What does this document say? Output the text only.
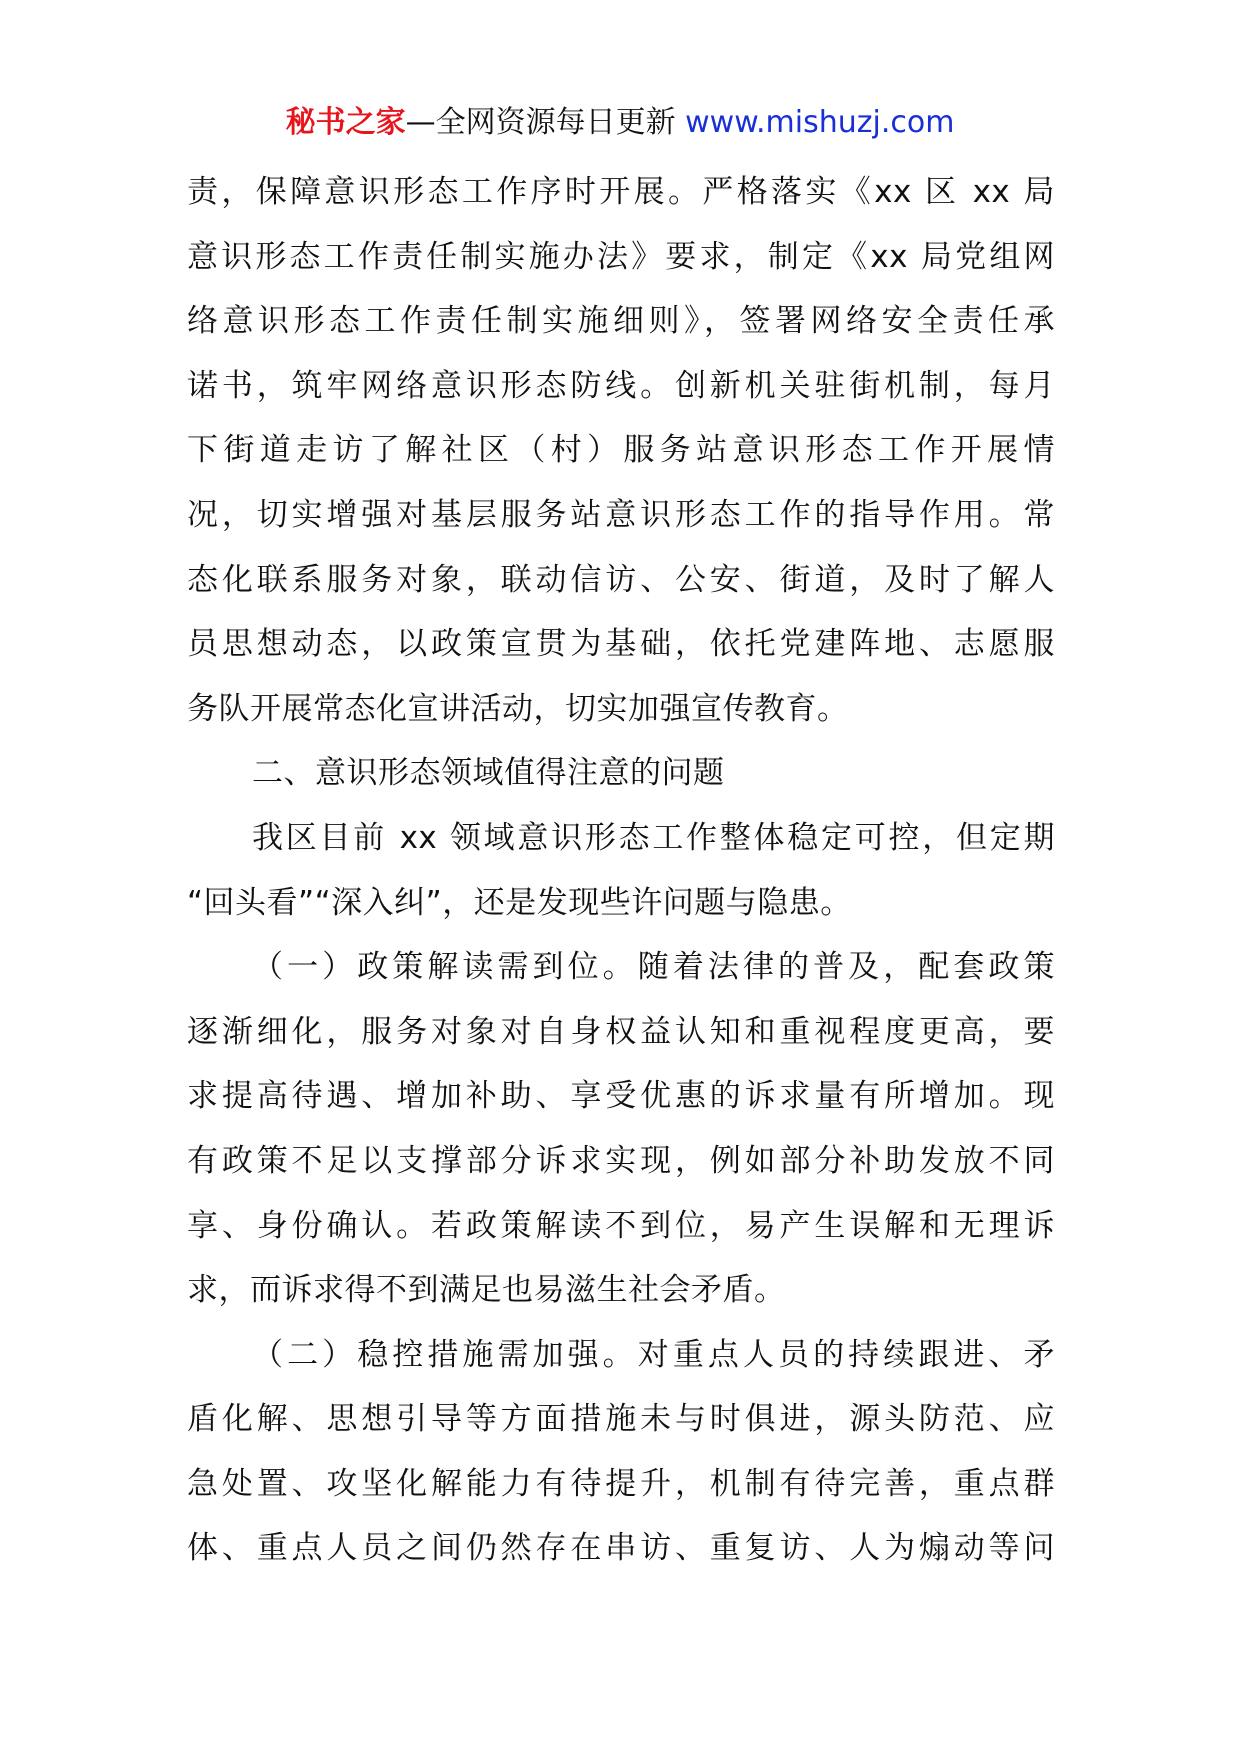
秘书之家—全网资源每日更新 www.mishuzj.com
责，保障意识形态工作序时开展。严格落实《xx 区 xx 局
意识形态工作责任制实施办法》要求，制定《xx 局党组网
络意识形态工作责任制实施细则》，签署网络安全责任承
诺书，筑牢网络意识形态防线。创新机关驻街机制，每月
下街道走访了解社区（村）服务站意识形态工作开展情
况，切实增强对基层服务站意识形态工作的指导作用。常
态化联系服务对象，联动信访、公安、街道，及时了解人
员思想动态，以政策宣贯为基础，依托党建阵地、志愿服
务队开展常态化宣讲活动，切实加强宣传教育。
二、意识形态领域值得注意的问题
我区目前 xx 领域意识形态工作整体稳定可控，但定期
“回头看”“深入纠”，还是发现些许问题与隐患。
（一）政策解读需到位。随着法律的普及，配套政策
逐渐细化，服务对象对自身权益认知和重视程度更高，要
求提高待遇、增加补助、享受优惠的诉求量有所增加。现
有政策不足以支撑部分诉求实现，例如部分补助发放不同
享、身份确认。若政策解读不到位，易产生误解和无理诉
求，而诉求得不到满足也易滋生社会矛盾。
（二）稳控措施需加强。对重点人员的持续跟进、矛
盾化解、思想引导等方面措施未与时俱进，源头防范、应
急处置、攻坚化解能力有待提升，机制有待完善，重点群
体、重点人员之间仍然存在串访、重复访、人为煽动等问
